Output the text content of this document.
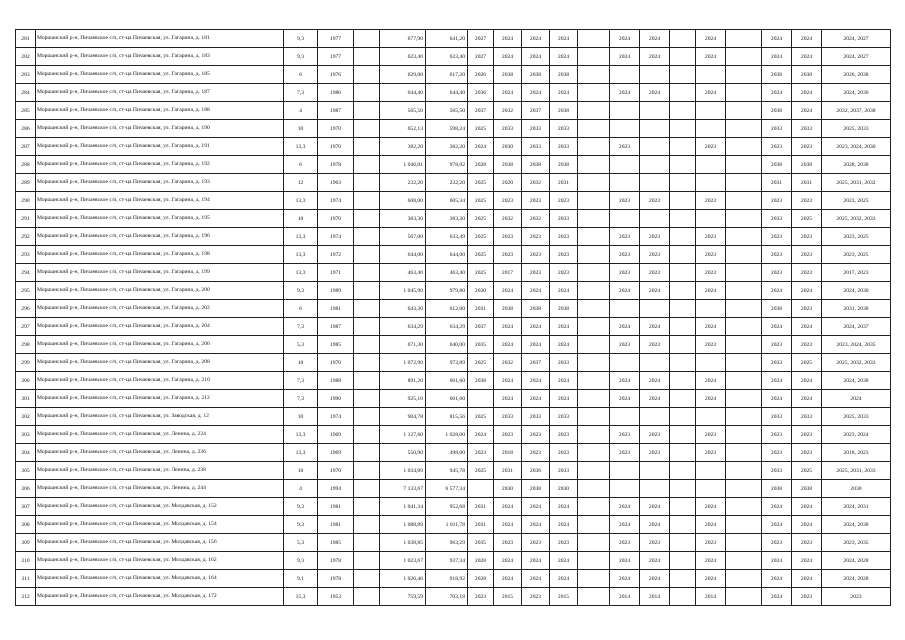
281	Моршанский р-н, Пичаевское с/п, ст-ца Пичаевская, ул. Гагарина, д. 181	9,3	1977		677,90	641,20	2027	2024	2024	2024		2024	2024		2024		2024	2024	2024, 2027
282	Моршанский р-н, Пичаевское с/п, ст-ца Пичаевская, ул. Гагарина, д. 183	9,3	1977		623,40	623,40	2027	2024	2024	2024		2024	2024		2024		2024	2024	2024, 2027
283	Моршанский р-н, Пичаевское с/п, ст-ца Пичаевская, ул. Гагарина, д. 185	6	1976		629,00	617,20	2026	2038	2038	2038							2038	2038	2026, 2038
284	Моршанский р-н, Пичаевское с/п, ст-ца Пичаевская, ул. Гагарина, д. 187	7,3	1986		644,40	644,40	2036	2024	2024	2024		2024	2024		2024		2024	2024	2024, 2036
285	Моршанский р-н, Пичаевское с/п, ст-ца Пичаевская, ул. Гагарина, д. 188	4	1987		565,50	565,50	2037	2032	2037	2038							2038	2024	2032, 2037, 2038
286	Моршанский р-н, Пичаевское с/п, ст-ца Пичаевская, ул. Гагарина, д. 190	10	1970		652,13	598,24	2025	2033	2033	2033							2033	2033	2025, 2033
287	Моршанский р-н, Пичаевское с/п, ст-ца Пичаевская, ул. Гагарина, д. 191	13,3	1970		382,20	382,20	2024	2030	2033	2033		2023			2023		2023	2023	2023, 2024, 2030
288	Моршанский р-н, Пичаевское с/п, ст-ца Пичаевская, ул. Гагарина, д. 192	6	1978		1 046,01	978,02	2028	2038	2038	2038							2038	2038	2028, 2038
289	Моршанский р-н, Пичаевское с/п, ст-ца Пичаевская, ул. Гагарина, д. 193	12	1963		232,20	232,20	2025	2020	2032	2031							2031	2031	2025, 2031, 2032
290	Моршанский р-н, Пичаевское с/п, ст-ца Пичаевская, ул. Гагарина, д. 194	13,3	1974		608,00	605,34	2025	2023	2023	2023		2023	2023		2023		2023	2023	2023, 2025
291	Моршанский р-н, Пичаевское с/п, ст-ца Пичаевская, ул. Гагарина, д. 195	10	1970		383,30	383,30	2025	2032	2032	2033							2033	2025	2025, 2032, 2033
292	Моршанский р-н, Пичаевское с/п, ст-ца Пичаевская, ул. Гагарина, д. 196	13,3	1974		567,00	633,49	2025	2023	2023	2023		2023	2023		2023		2023	2023	2023, 2025
293	Моршанский р-н, Пичаевское с/п, ст-ца Пичаевская, ул. Гагарина, д. 198	13,3	1972		644,00	644,00	2025	2023	2023	2023		2023	2023		2023		2023	2023	2023, 2025
294	Моршанский р-н, Пичаевское с/п, ст-ца Пичаевская, ул. Гагарина, д. 199	13,3	1971		463,40	463,40	2025	2017	2023	2023		2023	2023		2023		2023	2023	2017, 2023
295	Моршанский р-н, Пичаевское с/п, ст-ца Пичаевская, ул. Гагарина, д. 200	9,3	1989		1 045,90	979,80	2030	2024	2024	2024		2024	2024		2024		2024	2024	2024, 2030
296	Моршанский р-н, Пичаевское с/п, ст-ца Пичаевская, ул. Гагарина, д. 202	6	1981		643,30	612,00	2031	2038	2038	2038							2038	2023	2031, 2038
297	Моршанский р-н, Пичаевское с/п, ст-ца Пичаевская, ул. Гагарина, д. 204	7,3	1987		634,29	634,29	2037	2024	2024	2024		2024	2024		2024		2024	2024	2024, 2037
298	Моршанский р-н, Пичаевское с/п, ст-ца Пичаевская, ул. Гагарина, д. 206	5,3	1985		671,30	640,00	2035	2024	2024	2024		2023	2023		2023		2023	2023	2023, 2024, 2035
299	Моршанский р-н, Пичаевское с/п, ст-ца Пичаевская, ул. Гагарина, д. 208	10	1970		1 072,90	973,89	2025	2032	2037	2033							2033	2025	2025, 2032, 2033
300	Моршанский р-н, Пичаевское с/п, ст-ца Пичаевская, ул. Гагарина, д. 210	7,3	1988		891,20	601,60	2038	2024	2024	2024		2024	2024		2024		2024	2024	2024, 2038
301	Моршанский р-н, Пичаевское с/п, ст-ца Пичаевская, ул. Гагарина, д. 212	7,3	1990		925,10	601,60		2024	2024	2024		2024	2024		2024		2024	2024	2024
302	Моршанский р-н, Пичаевское с/п, ст-ца Пичаевская, ул. Заводская, д. 12	10	1974		904,78	815,56	2025	2033	2033	2033							2033	2033	2025, 2033
303	Моршанский р-н, Пичаевское с/п, ст-ца Пичаевская, ул. Ленина, д. 234	13,3	1969		1 127,60	1 028,00	2024	2023	2023	2023		2023	2023		2023		2023	2023	2023, 2024
304	Моршанский р-н, Пичаевское с/п, ст-ца Пичаевская, ул. Ленина, д. 236	13,3	1969		550,90	498,00	2023	2018	2023	2023		2023	2023		2023		2023	2023	2018, 2023
305	Моршанский р-н, Пичаевское с/п, ст-ца Пичаевская, ул. Ленина, д. 238	10	1970		1 034,89	945,78	2025	2031	2036	2033							2033	2025	2025, 2031, 2033
306	Моршанский р-н, Пичаевское с/п, ст-ца Пичаевская, ул. Ленина, д. 244	4	1994		7 133,67	6 577,34		2030	2038	2030							2038	2038	2030
307	Моршанский р-н, Пичаевское с/п, ст-ца Пичаевская, ул. Молдавская, д. 152	9,3	1981		1 041,34	952,68	2031	2024	2024	2024		2024	2024		2024		2024	2024	2024, 2031
308	Моршанский р-н, Пичаевское с/п, ст-ца Пичаевская, ул. Молдавская, д. 154	9,3	1981		1 088,89	1 011,78	2031	2024	2024	2024		2024	2024		2024		2024	2024	2024, 2038
309	Моршанский р-н, Пичаевское с/п, ст-ца Пичаевская, ул. Молдавская, д. 156	5,3	1985		1 038,85	963,29	2035	2023	2023	2023		2023	2023		2023		2023	2023	2023, 2035
310	Моршанский р-н, Пичаевское с/п, ст-ца Пичаевская, ул. Молдавская, д. 162	9,3	1978		1 023,67	937,34	2028	2024	2024	2024		2024	2024		2024		2024	2024	2024, 2028
311	Моршанский р-н, Пичаевское с/п, ст-ца Пичаевская, ул. Молдавская, д. 164	9,1	1978		1 026,46	918,92	2028	2024	2024	2024		2024	2024		2024		2024	2024	2024, 2028
312	Моршанский р-н, Пичаевское с/п, ст-ца Пичаевская, ул. Молдавская, д. 172	15,3	1953		759,59	703,18	2023	2015	2023	2015		2014	2014		2014		2024	2023	2023
